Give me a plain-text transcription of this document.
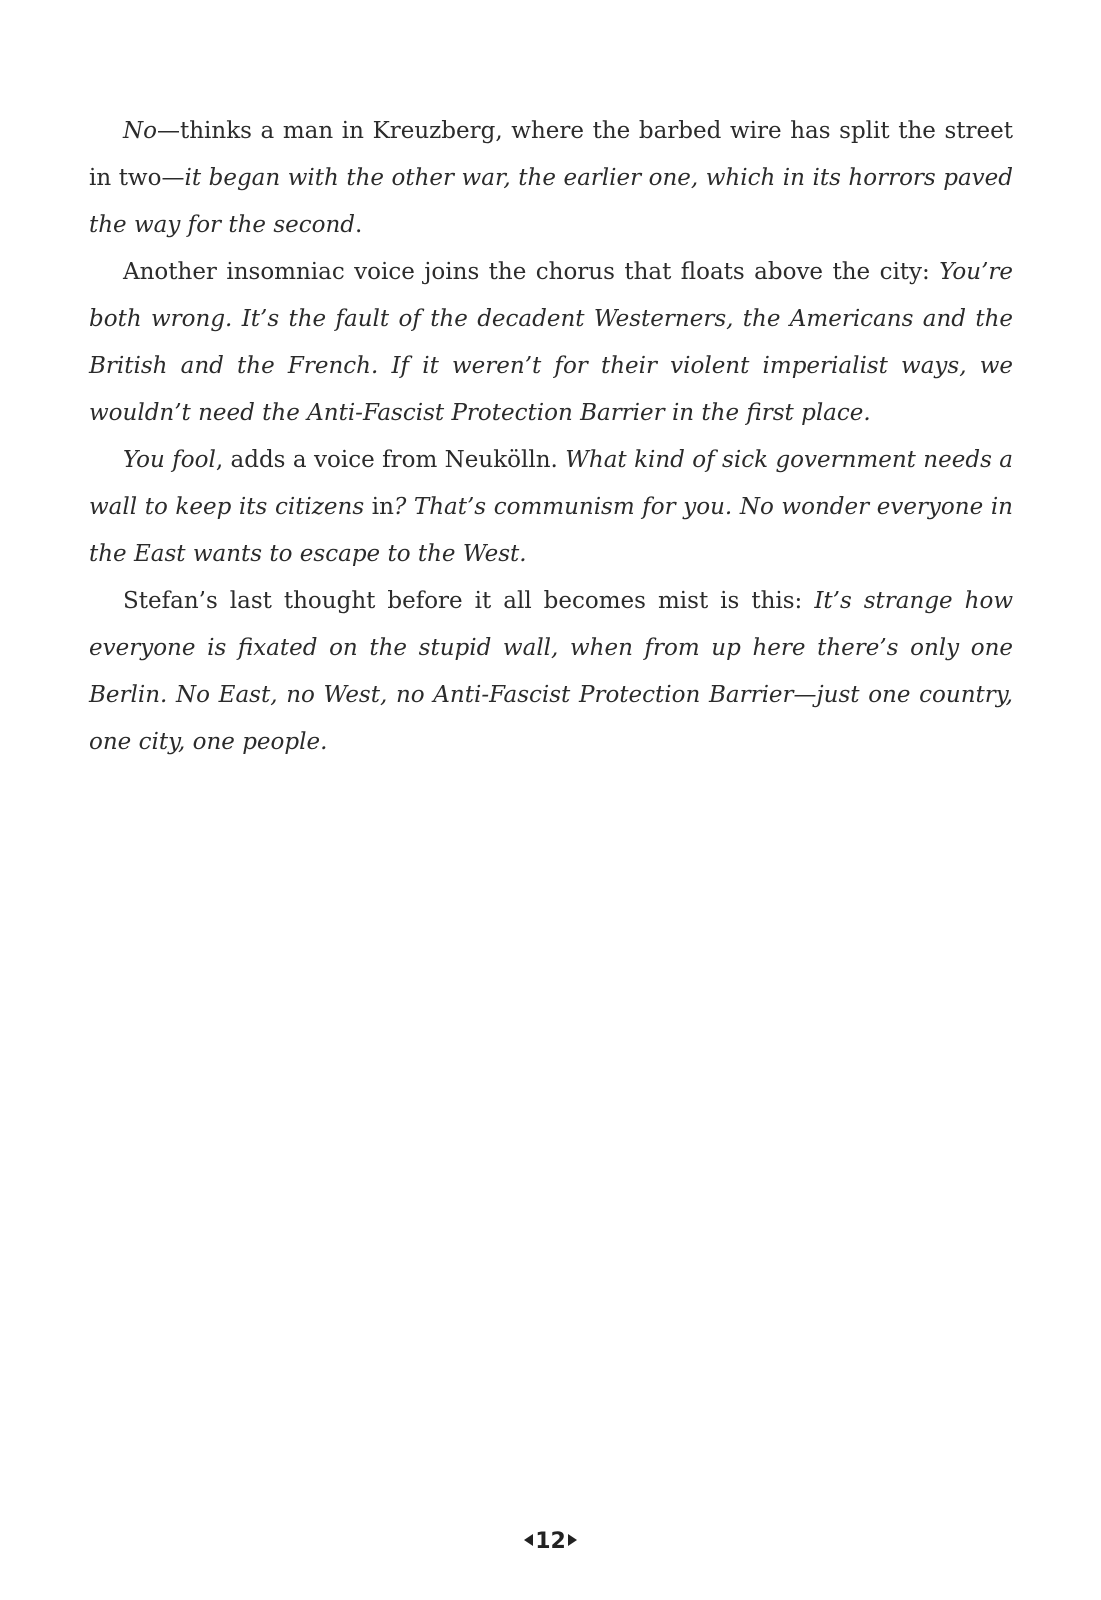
No—thinks a man in Kreuzberg, where the barbed wire has split the street in two—it began with the other war, the earlier one, which in its horrors paved the way for the second.

Another insomniac voice joins the chorus that floats above the city: You’re both wrong. It’s the fault of the decadent Westerners, the Americans and the British and the French. If it weren’t for their violent imperialist ways, we wouldn’t need the Anti-Fascist Protection Barrier in the first place.

You fool, adds a voice from Neukölln. What kind of sick government needs a wall to keep its citizens in? That’s communism for you. No wonder everyone in the East wants to escape to the West.

Stefan’s last thought before it all becomes mist is this: It’s strange how everyone is fixated on the stupid wall, when from up here there’s only one Berlin. No East, no West, no Anti-Fascist Protection Barrier—just one country, one city, one people.

12
